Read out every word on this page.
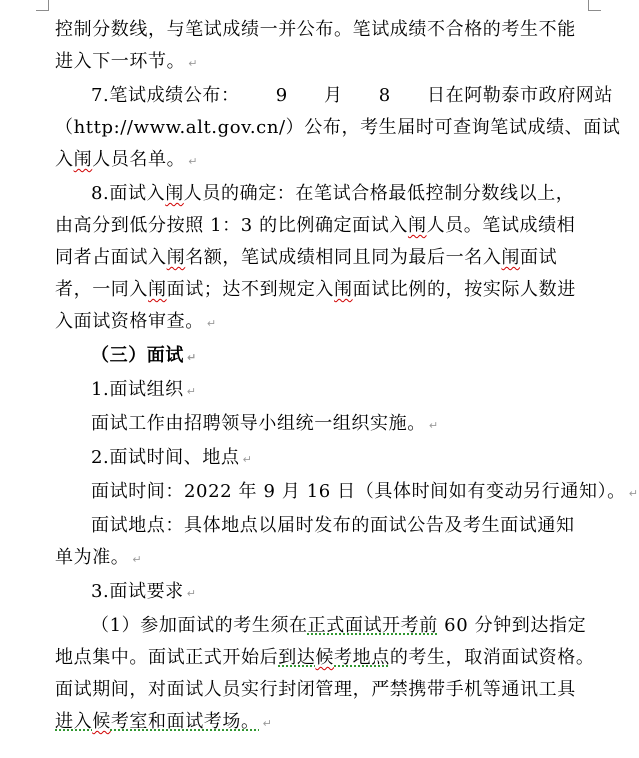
控制分数线，与笔试成绩一并公布。笔试成绩不合格的考生不能
进入下一环节。 ↵

7.笔试成绩公布： 9 月 8 日在阿勒泰市政府网站
（http://www.alt.gov.cn/）公布，考生届时可查询笔试成绩、面试
入闱人员名单。 ↵

8.面试入闱人员的确定：在笔试合格最低控制分数线以上，
由高分到低分按照 1：3 的比例确定面试入闱人员。笔试成绩相
同者占面试入闱名额，笔试成绩相同且同为最后一名入闱面试
者，一同入闱面试；达不到规定入闱面试比例的，按实际人数进
入面试资格审查。 ↵

（三）面试 ↵

1.面试组织 ↵

面试工作由招聘领导小组统一组织实施。 ↵

2.面试时间、地点 ↵

面试时间：2022 年 9 月 16 日（具体时间如有变动另行通知）。 ↵

面试地点：具体地点以届时发布的面试公告及考生面试通知
单为准。 ↵

3.面试要求 ↵

（1）参加面试的考生须在正式面试开考前 60 分钟到达指定
地点集中。面试正式开始后到达候考地点的考生，取消面试资格。
面试期间，对面试人员实行封闭管理，严禁携带手机等通讯工具
进入候考室和面试考场。 ↵
